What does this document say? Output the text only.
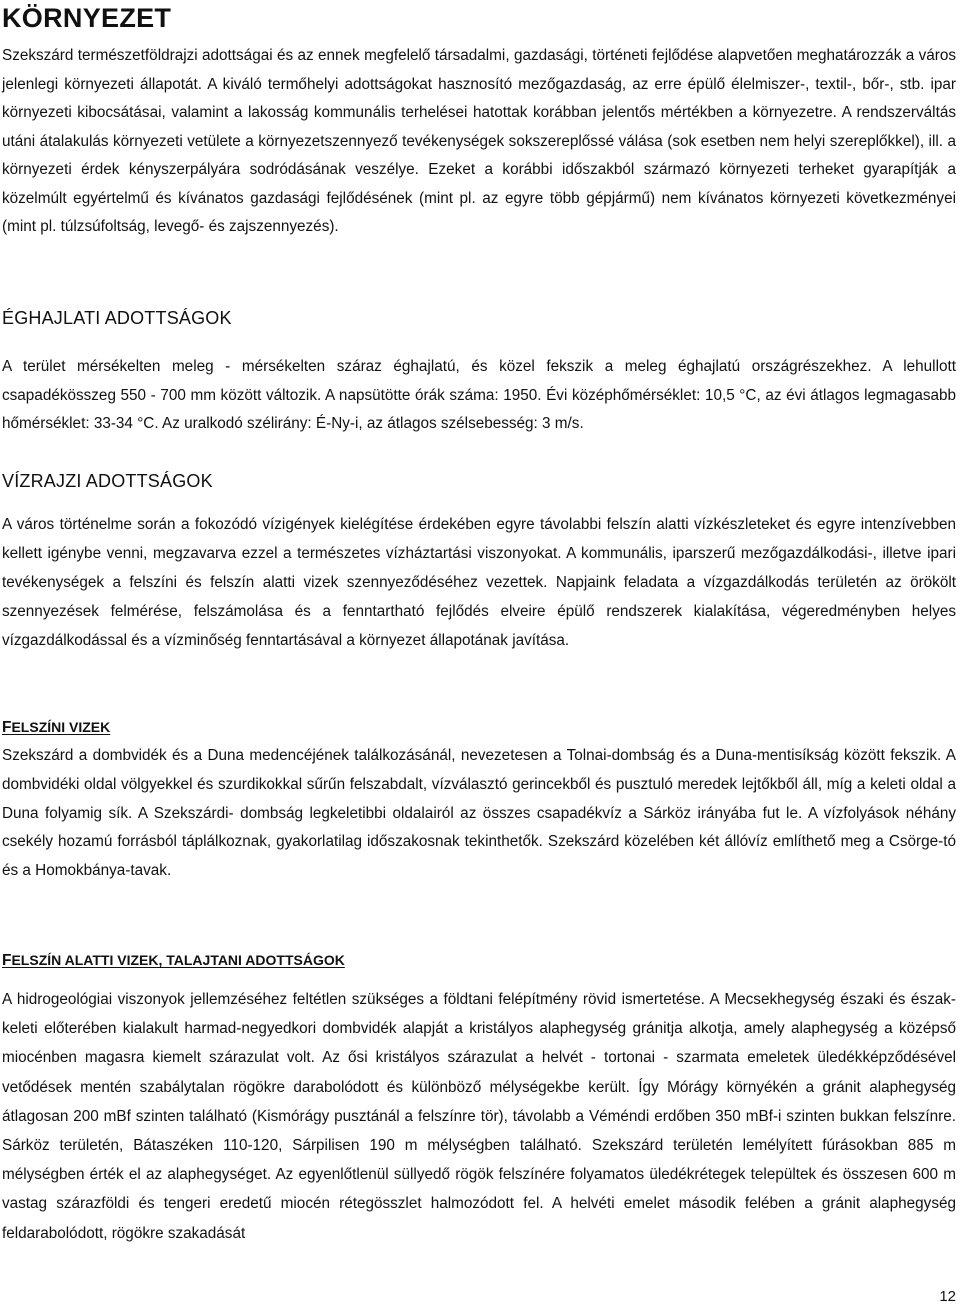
KÖRNYEZET

Szekszárd természetföldrajzi adottságai és az ennek megfelelő társadalmi, gazdasági, történeti fejlődése alapvetően meghatározzák a város jelenlegi környezeti állapotát. A kiváló termőhelyi adottságokat hasznosító mezőgazdaság, az erre épülő élelmiszer-, textil-, bőr-, stb. ipar környezeti kibocsátásai, valamint a lakosság kommunális terhelései hatottak korábban jelentős mértékben a környezetre. A rendszerváltás utáni átalakulás környezeti vetülete a környezetszennyező tevékenységek sokszereplőssé válása (sok esetben nem helyi szereplőkkel), ill. a környezeti érdek kényszerpályára sodródásának veszélye. Ezeket a korábbi időszakból származó környezeti terheket gyarapítják a közelmúlt egyértelmű és kívánatos gazdasági fejlődésének (mint pl. az egyre több gépjármű) nem kívánatos környezeti következményei (mint pl. túlzsúfoltság, levegő- és zajszennyezés).

ÉGHAJLATI ADOTTSÁGOK

A terület mérsékelten meleg - mérsékelten száraz éghajlatú, és közel fekszik a meleg éghajlatú országrészekhez. A lehullott csapadékösszeg 550 - 700 mm között változik. A napsütötte órák száma: 1950. Évi középhőmérséklet: 10,5 °C, az évi átlagos legmagasabb hőmérséklet: 33-34 °C. Az uralkodó szélirány: É-Ny-i, az átlagos szélsebesség: 3 m/s.

VÍZRAJZI ADOTTSÁGOK

A város történelme során a fokozódó vízigények kielégítése érdekében egyre távolabbi felszín alatti vízkészleteket és egyre intenzívebben kellett igénybe venni, megzavarva ezzel a természetes vízháztartási viszonyokat. A kommunális, iparszerű mezőgazdálkodási-, illetve ipari tevékenységek a felszíni és felszín alatti vizek szennyeződéséhez vezettek. Napjaink feladata a vízgazdálkodás területén az örökölt szennyezések felmérése, felszámolása és a fenntartható fejlődés elveire épülő rendszerek kialakítása, végeredményben helyes vízgazdálkodással és a vízminőség fenntartásával a környezet állapotának javítása.

FELSZÍNI VIZEK

Szekszárd a dombvidék és a Duna medencéjének találkozásánál, nevezetesen a Tolnai-dombság és a Duna-mentisíkság között fekszik. A dombvidéki oldal völgyekkel és szurdikokkal sűrűn felszabdalt, vízválasztó gerincekből és pusztuló meredek lejtőkből áll, míg a keleti oldal a Duna folyamig sík. A Szekszárdi- dombság legkeletibbi oldalairól az összes csapadékvíz a Sárköz irányába fut le. A vízfolyások néhány csekély hozamú forrásból táplálkoznak, gyakorlatilag időszakosnak tekinthetők. Szekszárd közelében két állóvíz említhető meg a Csörge-tó és a Homokbánya-tavak.

FELSZÍN ALATTI VIZEK, TALAJTANI ADOTTSÁGOK

A hidrogeológiai viszonyok jellemzéséhez feltétlen szükséges a földtani felépítmény rövid ismertetése. A Mecsekhegység északi és észak-keleti előterében kialakult harmad-negyedkori dombvidék alapját a kristályos alaphegység gránitja alkotja, amely alaphegység a középső miocénben magasra kiemelt szárazulat volt. Az ősi kristályos szárazulat a helvét - tortonai - szarmata emeletek üledékképződésével vetődések mentén szabálytalan rögökre darabolódott és különböző mélységekbe került. Így Mórágy környékén a gránit alaphegység átlagosan 200 mBf szinten található (Kismórágy pusztánál a felszínre tör), távolabb a Véméndi erdőben 350 mBf-i szinten bukkan felszínre. Sárköz területén, Bátaszéken 110-120, Sárpilisen 190 m mélységben található. Szekszárd területén lemélyített fúrásokban 885 m mélységben érték el az alaphegységet. Az egyenlőtlenül süllyedő rögök felszínére folyamatos üledékrétegek települtek és összesen 600 m vastag szárazföldi és tengeri eredetű miocén rétegösszlet halmozódott fel. A helvéti emelet második felében a gránit alaphegység feldarabolódott, rögökre szakadását

12
